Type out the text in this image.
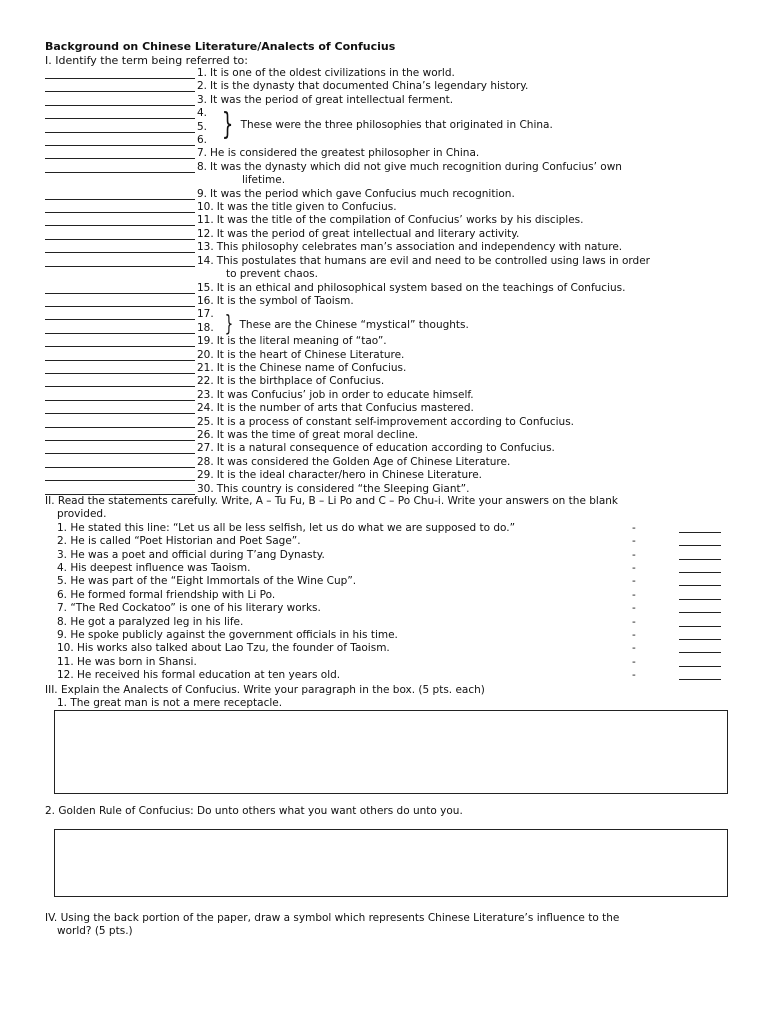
Background on Chinese Literature/Analects of Confucius
I. Identify the term being referred to:
1. It is one of the oldest civilizations in the world.
2. It is the dynasty that documented China’s legendary history.
3. It was the period of great intellectual ferment.
4.
5.
6.
7. He is considered the greatest philosopher in China.
8. It was the dynasty which did not give much recognition during Confucius’ own
lifetime.
9. It was the period which gave Confucius much recognition.
10. It was the title given to Confucius.
11. It was the title of the compilation of Confucius’ works by his disciples.
12. It was the period of great intellectual and literary activity.
13. This philosophy celebrates man’s association and independency with nature.
14. This postulates that humans are evil and need to be controlled using laws in order
to prevent chaos.
15. It is an ethical and philosophical system based on the teachings of Confucius.
16. It is the symbol of Taoism.
17.
18.
19. It is the literal meaning of “tao”.
20. It is the heart of Chinese Literature.
21. It is the Chinese name of Confucius.
22. It is the birthplace of Confucius.
23. It was Confucius’ job in order to educate himself.
24. It is the number of arts that Confucius mastered.
25. It is a process of constant self-improvement according to Confucius.
26. It was the time of great moral decline.
27. It is a natural consequence of education according to Confucius.
28. It was considered the Golden Age of Chinese Literature.
29. It is the ideal character/hero in Chinese Literature.
30. This country is considered “the Sleeping Giant”.
} These were the three philosophies that originated in China.
} These are the Chinese “mystical” thoughts.
II. Read the statements carefully. Write, A – Tu Fu, B – Li Po and C – Po Chu-i. Write your answers on the blank
provided.
1. He stated this line: “Let us all be less selfish, let us do what we are supposed to do.”	-
2. He is called “Poet Historian and Poet Sage”.	-
3. He was a poet and official during T’ang Dynasty.	-
4. His deepest influence was Taoism.	-
5. He was part of the “Eight Immortals of the Wine Cup”.	-
6. He formed formal friendship with Li Po.	-
7. “The Red Cockatoo” is one of his literary works.	-
8. He got a paralyzed leg in his life.	-
9. He spoke publicly against the government officials in his time.	-
10. His works also talked about Lao Tzu, the founder of Taoism.	-
11. He was born in Shansi.	-
12. He received his formal education at ten years old.	-
III. Explain the Analects of Confucius. Write your paragraph in the box. (5 pts. each)
1. The great man is not a mere receptacle.
2. Golden Rule of Confucius: Do unto others what you want others do unto you.
IV. Using the back portion of the paper, draw a symbol which represents Chinese Literature’s influence to the
world? (5 pts.)
